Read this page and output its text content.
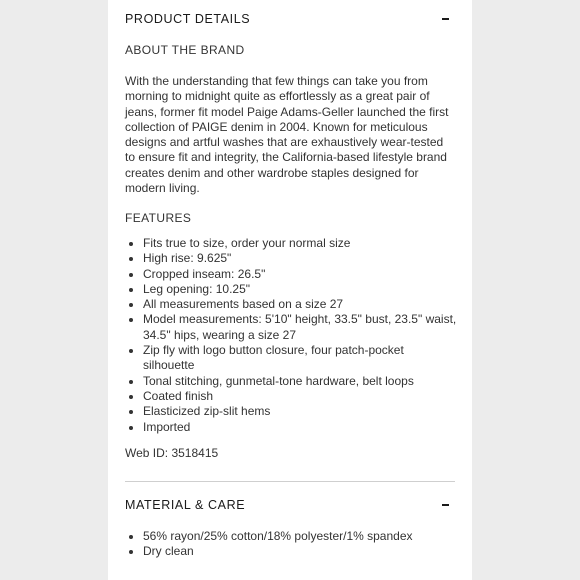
PRODUCT DETAILS
ABOUT THE BRAND
With the understanding that few things can take you from morning to midnight quite as effortlessly as a great pair of jeans, former fit model Paige Adams-Geller launched the first collection of PAIGE denim in 2004. Known for meticulous designs and artful washes that are exhaustively wear-tested to ensure fit and integrity, the California-based lifestyle brand creates denim and other wardrobe staples designed for modern living.
FEATURES
Fits true to size, order your normal size
High rise: 9.625"
Cropped inseam: 26.5"
Leg opening: 10.25"
All measurements based on a size 27
Model measurements: 5'10" height, 33.5" bust, 23.5" waist, 34.5" hips, wearing a size 27
Zip fly with logo button closure, four patch-pocket silhouette
Tonal stitching, gunmetal-tone hardware, belt loops
Coated finish
Elasticized zip-slit hems
Imported
Web ID: 3518415
MATERIAL & CARE
56% rayon/25% cotton/18% polyester/1% spandex
Dry clean
